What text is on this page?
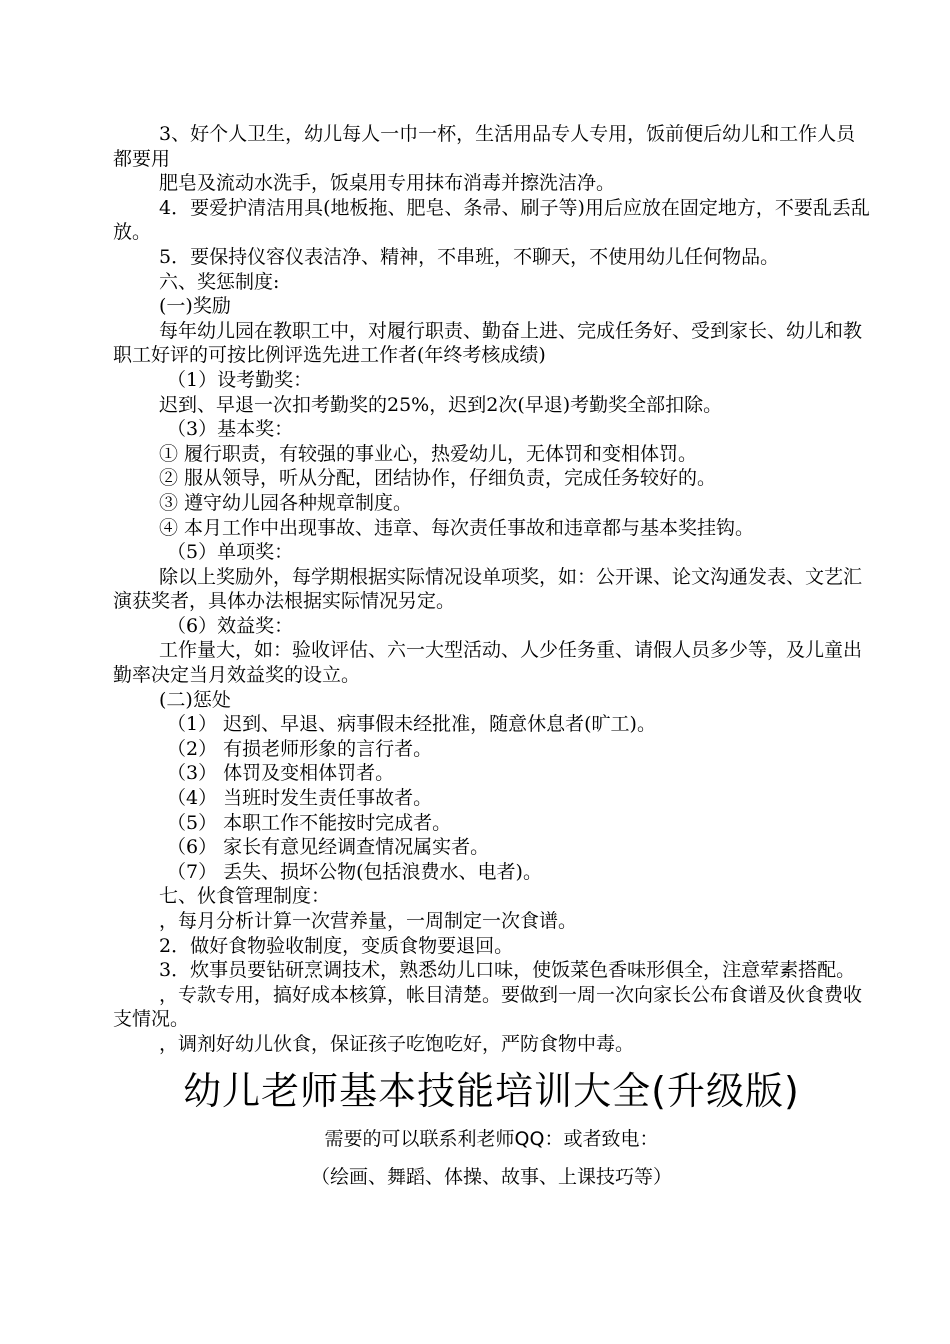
3、好个人卫生，幼儿每人一巾一杯，生活用品专人专用，饭前便后幼儿和工作人员都要用

肥皂及流动水洗手，饭桌用专用抹布消毒并擦洗洁净。

4．要爱护清洁用具(地板拖、肥皂、条帚、刷子等)用后应放在固定地方，不要乱丢乱放。

5．要保持仪容仪表洁净、精神，不串班，不聊天，不使用幼儿任何物品。

六、奖惩制度:

(一)奖励

每年幼儿园在教职工中，对履行职责、勤奋上进、完成任务好、受到家长、幼儿和教职工好评的可按比例评选先进工作者(年终考核成绩)

（1）设考勤奖：

迟到、早退一次扣考勤奖的25%，迟到2次(早退)考勤奖全部扣除。

（3）基本奖：

① 履行职责，有较强的事业心，热爱幼儿，无体罚和变相体罚。

② 服从领导，听从分配，团结协作，仔细负责，完成任务较好的。

③ 遵守幼儿园各种规章制度。

④ 本月工作中出现事故、违章、每次责任事故和违章都与基本奖挂钩。

（5）单项奖：

除以上奖励外，每学期根据实际情况设单项奖，如：公开课、论文沟通发表、文艺汇演获奖者，具体办法根据实际情况另定。

（6）效益奖：

工作量大，如：验收评估、六一大型活动、人少任务重、请假人员多少等，及儿童出勤率决定当月效益奖的设立。

(二)惩处

（1） 迟到、早退、病事假未经批准，随意休息者(旷工)。

（2） 有损老师形象的言行者。

（3） 体罚及变相体罚者。

（4） 当班时发生责任事故者。

（5） 本职工作不能按时完成者。

（6） 家长有意见经调查情况属实者。

（7） 丢失、损坏公物(包括浪费水、电者)。

七、伙食管理制度：

，每月分析计算一次营养量，一周制定一次食谱。

2．做好食物验收制度，变质食物要退回。

3．炊事员要钻研烹调技术，熟悉幼儿口味，使饭菜色香味形俱全，注意荤素搭配。

，专款专用，搞好成本核算，帐目清楚。要做到一周一次向家长公布食谱及伙食费收支情况。

，调剂好幼儿伙食，保证孩子吃饱吃好，严防食物中毒。

幼儿老师基本技能培训大全(升级版)
需要的可以联系利老师QQ：或者致电：
（绘画、舞蹈、体操、故事、上课技巧等）
